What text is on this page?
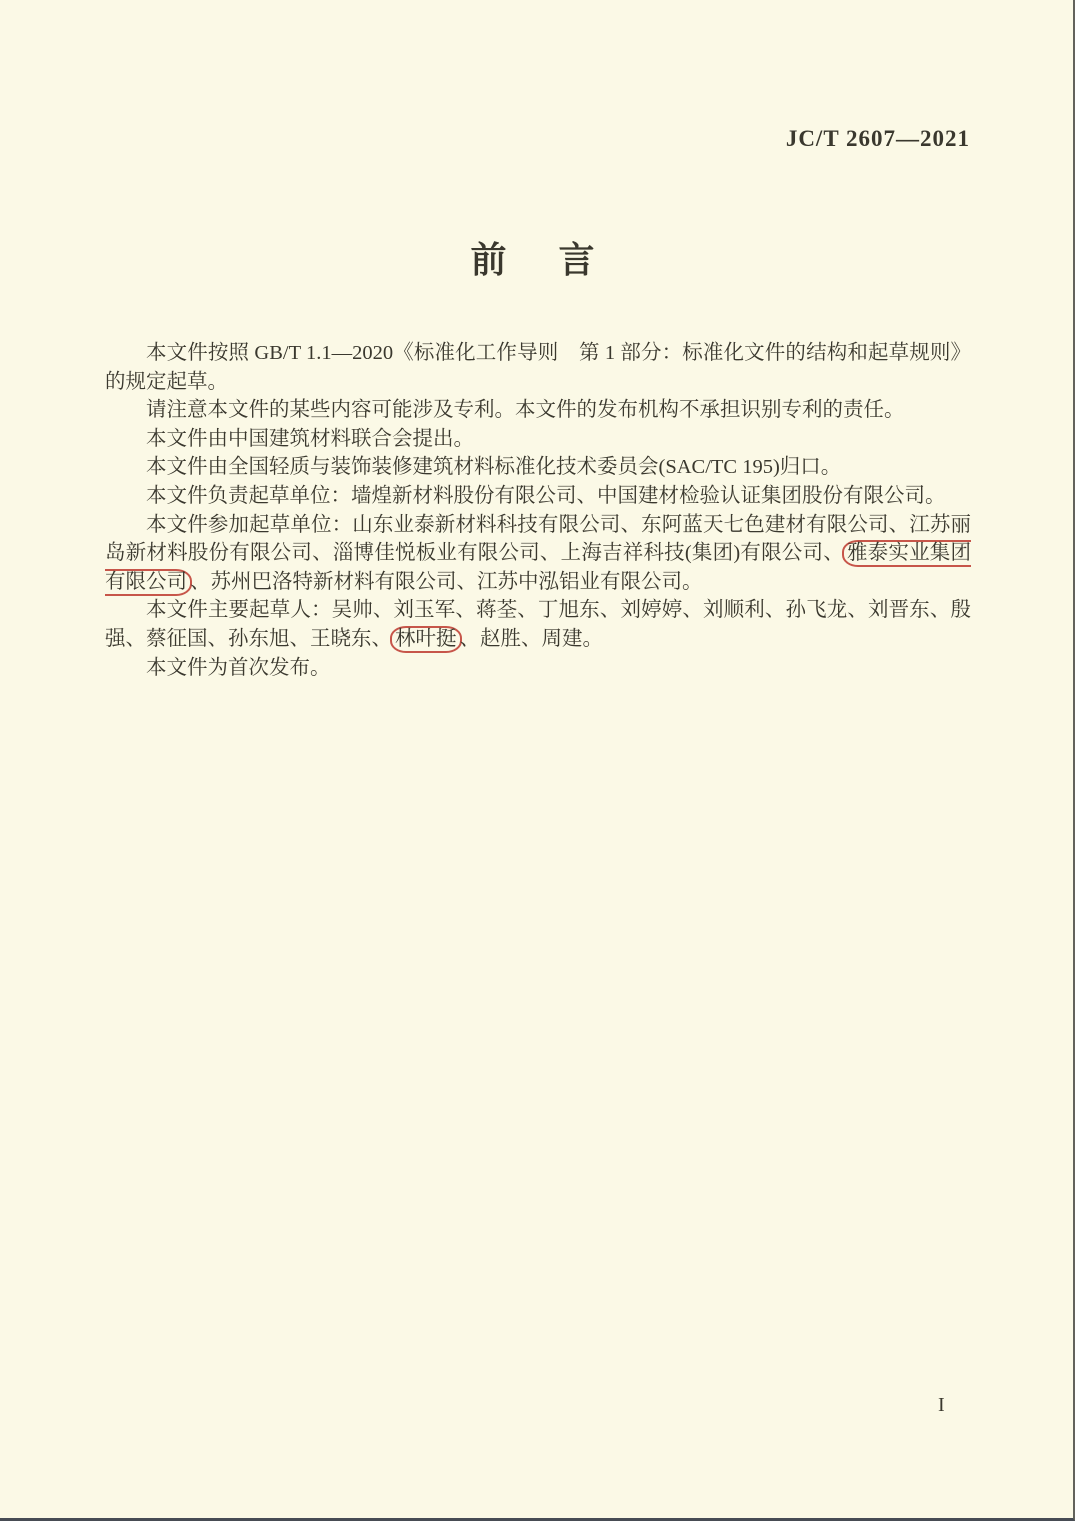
JC/T 2607—2021
前　言

本文件按照 GB/T 1.1—2020《标准化工作导则　第 1 部分：标准化文件的结构和起草规则》的规定起草。

请注意本文件的某些内容可能涉及专利。本文件的发布机构不承担识别专利的责任。

本文件由中国建筑材料联合会提出。

本文件由全国轻质与装饰装修建筑材料标准化技术委员会(SAC/TC 195)归口。

本文件负责起草单位：墙煌新材料股份有限公司、中国建材检验认证集团股份有限公司。

本文件参加起草单位：山东业泰新材料科技有限公司、东阿蓝天七色建材有限公司、江苏丽岛新材料股份有限公司、淄博佳悦板业有限公司、上海吉祥科技(集团)有限公司、 雅泰实业集团有限公司 、苏州巴洛特新材料有限公司、江苏中泓铝业有限公司。

本文件主要起草人：吴帅、刘玉军、蒋荃、丁旭东、刘婷婷、刘顺利、孙飞龙、刘晋东、殷强、蔡征国、孙东旭、王晓东、 林叶挺 、赵胜、周建。

本文件为首次发布。

I
